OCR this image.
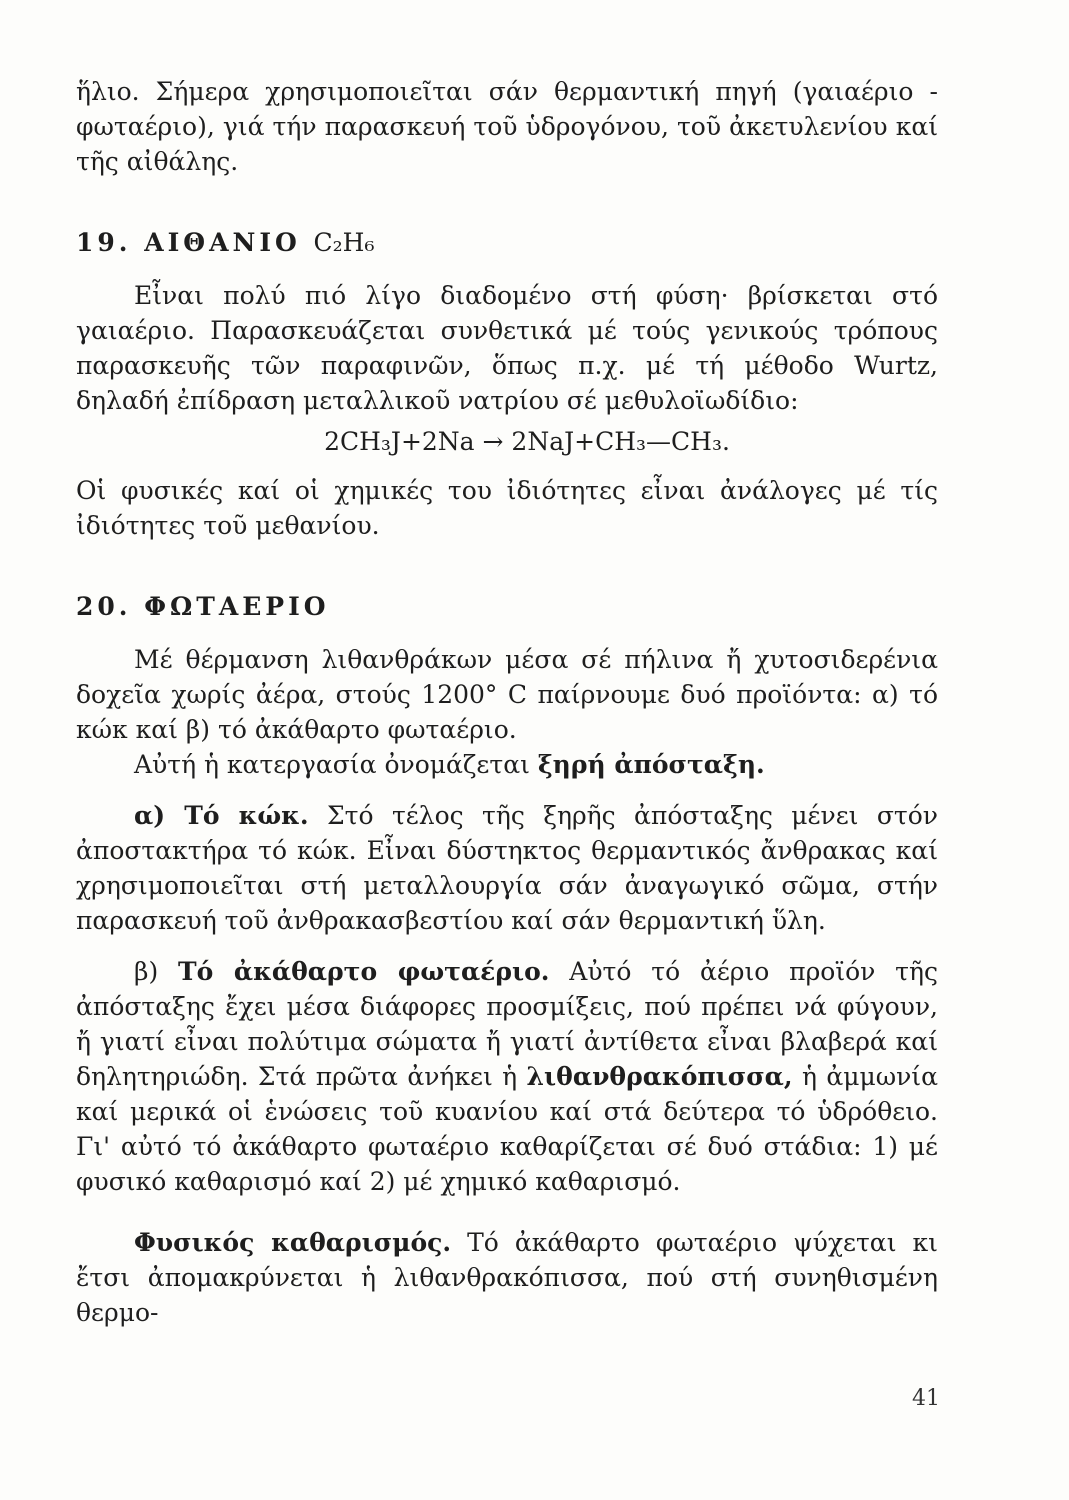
ἥλιο. Σήμερα χρησιμοποιεῖται σάν θερμαντική πηγή (γαιαέριο - φωταέριο), γιά τήν παρασκευή τοῦ ὑδρογόνου, τοῦ ἀκετυλενίου καί τῆς αἰθάλης.

19. ΑΙΘΑΝΙΟ C₂H₆

Εἶναι πολύ πιό λίγο διαδομένο στή φύση· βρίσκεται στό γαιαέριο. Παρασκευάζεται συνθετικά μέ τούς γενικούς τρόπους παρασκευῆς τῶν παραφινῶν, ὅπως π.χ. μέ τή μέθοδο Wurtz, δηλαδή ἐπίδραση μεταλλικοῦ νατρίου σέ μεθυλοϊωδίδιο:

2CH₃J+2Na → 2NaJ+CH₃—CH₃.

Οἱ φυσικές καί οἱ χημικές του ἰδιότητες εἶναι ἀνάλογες μέ τίς ἰδιότητες τοῦ μεθανίου.

20. ΦΩΤΑΕΡΙΟ

Μέ θέρμανση λιθανθράκων μέσα σέ πήλινα ἤ χυτοσιδερένια δοχεῖα χωρίς ἀέρα, στούς 1200° C παίρνουμε δυό προϊόντα: α) τό κώκ καί β) τό ἀκάθαρτο φωταέριο.

Αὐτή ἡ κατεργασία ὀνομάζεται ξηρή ἀπόσταξη.

α) Τό κώκ. Στό τέλος τῆς ξηρῆς ἀπόσταξης μένει στόν ἀποστακτήρα τό κώκ. Εἶναι δύστηκτος θερμαντικός ἄνθρακας καί χρησιμοποιεῖται στή μεταλλουργία σάν ἀναγωγικό σῶμα, στήν παρασκευή τοῦ ἀνθρακασβεστίου καί σάν θερμαντική ὕλη.

β) Τό ἀκάθαρτο φωταέριο. Αὐτό τό ἀέριο προϊόν τῆς ἀπόσταξης ἔχει μέσα διάφορες προσμίξεις, πού πρέπει νά φύγουν, ἤ γιατί εἶναι πολύτιμα σώματα ἤ γιατί ἀντίθετα εἶναι βλαβερά καί δηλητηριώδη. Στά πρῶτα ἀνήκει ἡ λιθανθρακόπισσα, ἡ ἀμμωνία καί μερικά οἱ ἑνώσεις τοῦ κυανίου καί στά δεύτερα τό ὑδρόθειο. Γι' αὐτό τό ἀκάθαρτο φωταέριο καθαρίζεται σέ δυό στάδια: 1) μέ φυσικό καθαρισμό καί 2) μέ χημικό καθαρισμό.

Φυσικός καθαρισμός. Τό ἀκάθαρτο φωταέριο ψύχεται κι ἔτσι ἀπομακρύνεται ἡ λιθανθρακόπισσα, πού στή συνηθισμένη θερμο-

41
